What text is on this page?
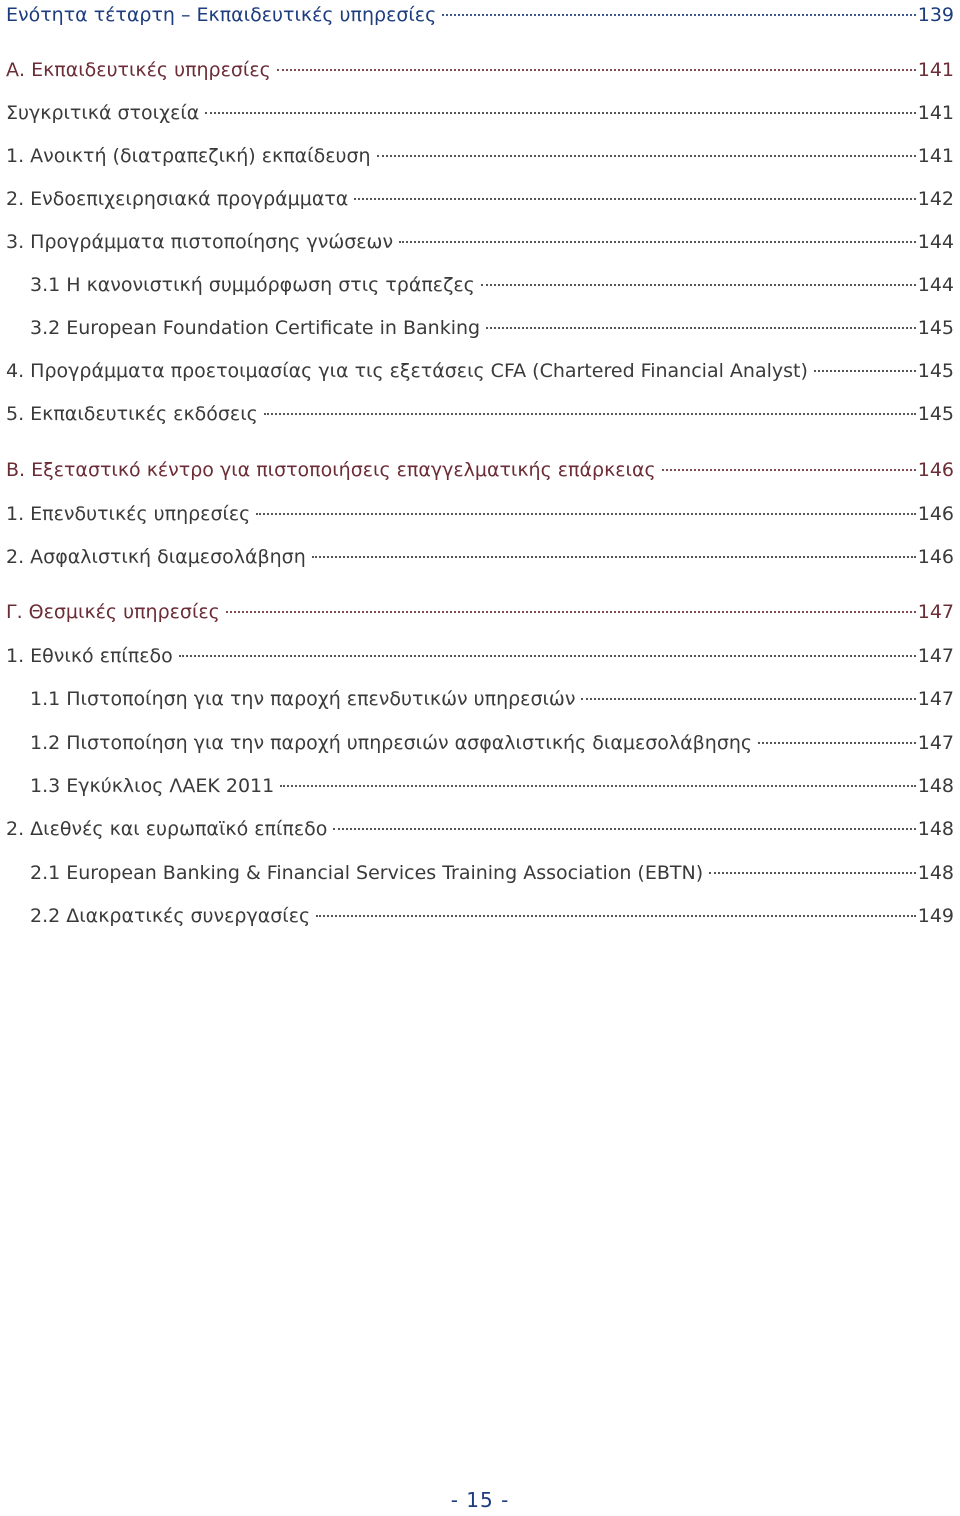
Ενότητα τέταρτη – Εκπαιδευτικές υπηρεσίες	139
Α. Εκπαιδευτικές υπηρεσίες	141
Συγκριτικά στοιχεία	141
1. Ανοικτή (διατραπεζική) εκπαίδευση	141
2. Ενδοεπιχειρησιακά προγράμματα	142
3. Προγράμματα πιστοποίησης γνώσεων	144
3.1 Η κανονιστική συμμόρφωση στις τράπεζες	144
3.2 European Foundation Certificate in Banking	145
4. Προγράμματα προετοιμασίας για τις εξετάσεις CFA (Chartered Financial Analyst)	145
5. Εκπαιδευτικές εκδόσεις	145
Β. Εξεταστικό κέντρο για πιστοποιήσεις επαγγελματικής επάρκειας	146
1. Επενδυτικές υπηρεσίες	146
2. Ασφαλιστική διαμεσολάβηση	146
Γ. Θεσμικές υπηρεσίες	147
1. Εθνικό επίπεδο	147
1.1 Πιστοποίηση για την παροχή επενδυτικών υπηρεσιών	147
1.2 Πιστοποίηση για την παροχή υπηρεσιών ασφαλιστικής διαμεσολάβησης	147
1.3 Εγκύκλιος ΛΑΕΚ 2011	148
2. Διεθνές και ευρωπαϊκό επίπεδο	148
2.1 European Banking & Financial Services Training Association (EBTN)	148
2.2 Διακρατικές συνεργασίες	149
- 15 -
